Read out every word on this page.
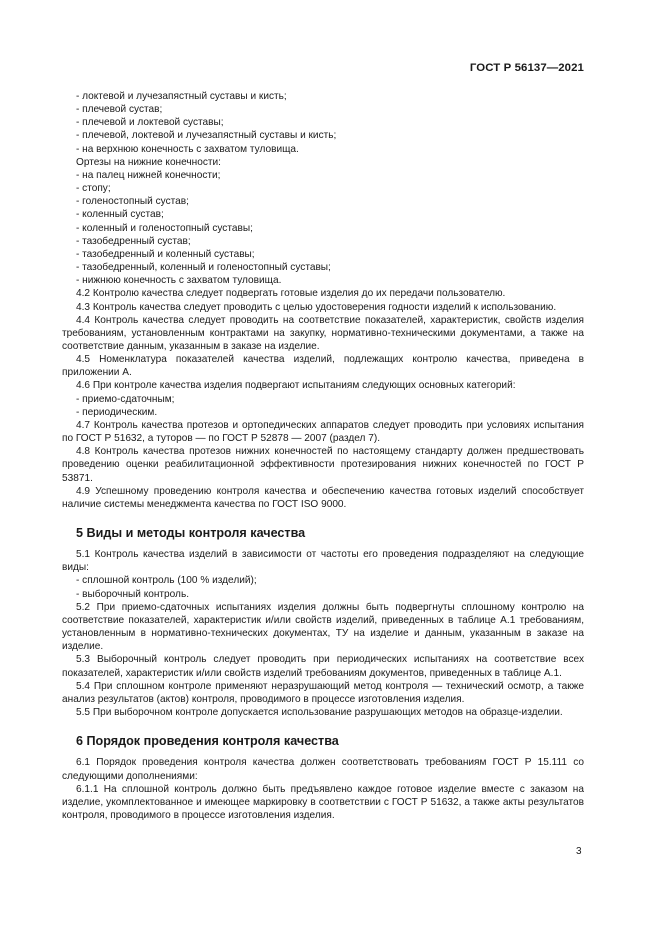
ГОСТ Р 56137—2021

- локтевой и лучезапястный суставы и кисть;

- плечевой сустав;

- плечевой и локтевой суставы;

- плечевой, локтевой и лучезапястный суставы и кисть;

- на верхнюю конечность с захватом туловища.

Ортезы на нижние конечности:

- на палец нижней конечности;

- стопу;

- голеностопный сустав;

- коленный сустав;

- коленный и голеностопный суставы;

- тазобедренный сустав;

- тазобедренный и коленный суставы;

- тазобедренный, коленный и голеностопный суставы;

- нижнюю конечность с захватом туловища.

4.2 Контролю качества следует подвергать готовые изделия до их передачи пользователю.

4.3 Контроль качества следует проводить с целью удостоверения годности изделий к использованию.

4.4 Контроль качества следует проводить на соответствие показателей, характеристик, свойств изделия требованиям, установленным контрактами на закупку, нормативно-техническими документами, а также на соответствие данным, указанным в заказе на изделие.

4.5 Номенклатура показателей качества изделий, подлежащих контролю качества, приведена в приложении А.

4.6 При контроле качества изделия подвергают испытаниям следующих основных категорий:

- приемо-сдаточным;

- периодическим.

4.7 Контроль качества протезов и ортопедических аппаратов следует проводить при условиях испытания по ГОСТ Р 51632, а туторов — по ГОСТ Р 52878 — 2007 (раздел 7).

4.8 Контроль качества протезов нижних конечностей по настоящему стандарту должен предшествовать проведению оценки реабилитационной эффективности протезирования нижних конечностей по ГОСТ Р 53871.

4.9 Успешному проведению контроля качества и обеспечению качества готовых изделий способствует наличие системы менеджмента качества по ГОСТ ISO 9000.

5 Виды и методы контроля качества

5.1 Контроль качества изделий в зависимости от частоты его проведения подразделяют на следующие виды:

- сплошной контроль (100 % изделий);

- выборочный контроль.

5.2 При приемо-сдаточных испытаниях изделия должны быть подвергнуты сплошному контролю на соответствие показателей, характеристик и/или свойств изделий, приведенных в таблице А.1 требованиям, установленным в нормативно-технических документах, ТУ на изделие и данным, указанным в заказе на изделие.

5.3 Выборочный контроль следует проводить при периодических испытаниях на соответствие всех показателей, характеристик и/или свойств изделий требованиям документов, приведенных в таблице А.1.

5.4 При сплошном контроле применяют неразрушающий метод контроля — технический осмотр, а также анализ результатов (актов) контроля, проводимого в процессе изготовления изделия.

5.5 При выборочном контроле допускается использование разрушающих методов на образце-изделии.

6 Порядок проведения контроля качества

6.1 Порядок проведения контроля качества должен соответствовать требованиям ГОСТ Р 15.111 со следующими дополнениями:

6.1.1 На сплошной контроль должно быть предъявлено каждое готовое изделие вместе с заказом на изделие, укомплектованное и имеющее маркировку в соответствии с ГОСТ Р 51632, а также акты результатов контроля, проводимого в процессе изготовления изделия.

3
